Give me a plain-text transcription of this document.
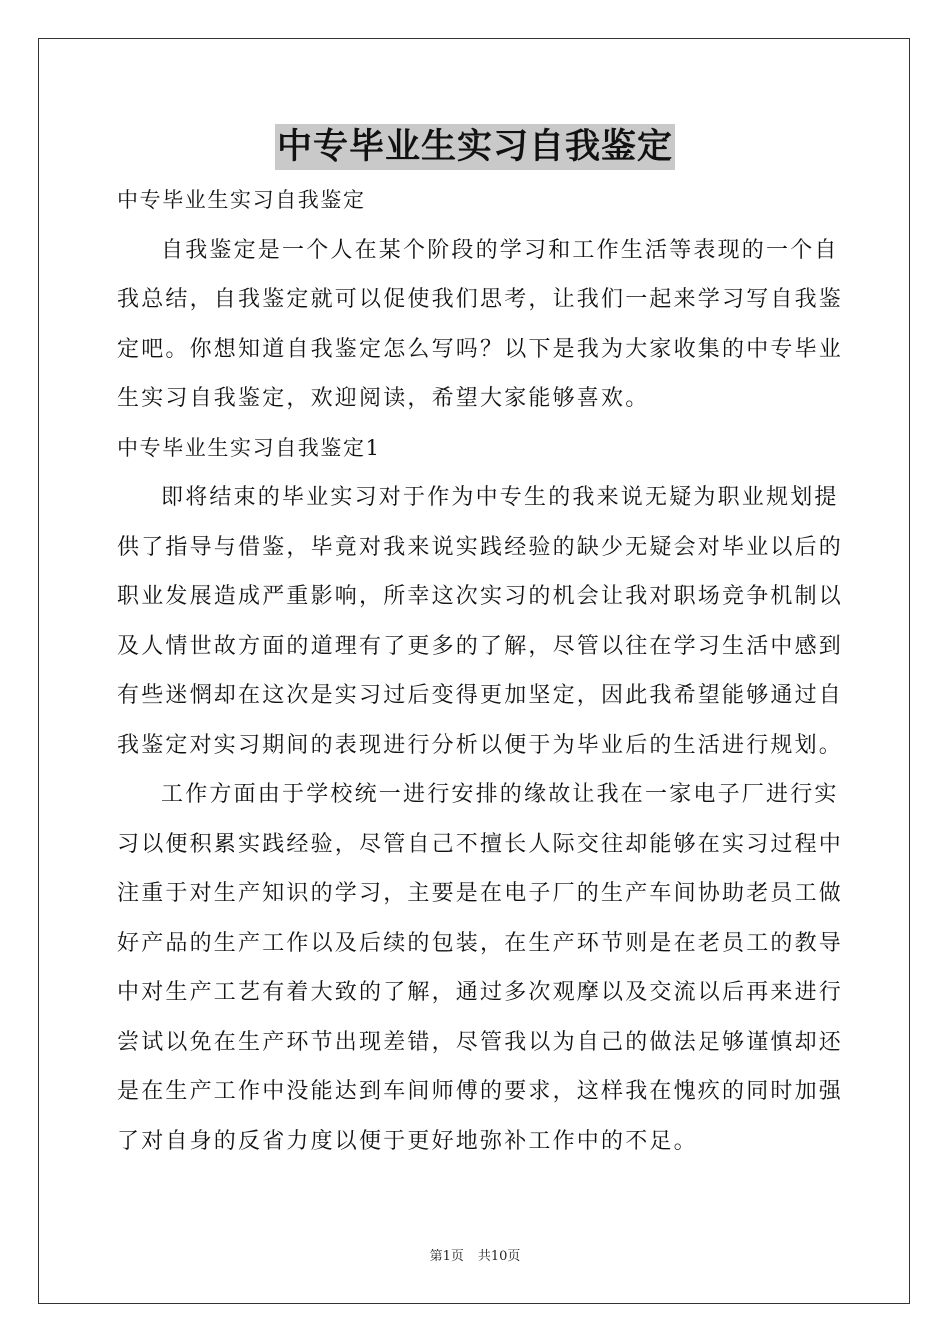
中专毕业生实习自我鉴定
中专毕业生实习自我鉴定
自我鉴定是一个人在某个阶段的学习和工作生活等表现的一个自
我总结，自我鉴定就可以促使我们思考，让我们一起来学习写自我鉴
定吧。你想知道自我鉴定怎么写吗？以下是我为大家收集的中专毕业
生实习自我鉴定，欢迎阅读，希望大家能够喜欢。
中专毕业生实习自我鉴定1
即将结束的毕业实习对于作为中专生的我来说无疑为职业规划提
供了指导与借鉴，毕竟对我来说实践经验的缺少无疑会对毕业以后的
职业发展造成严重影响，所幸这次实习的机会让我对职场竞争机制以
及人情世故方面的道理有了更多的了解，尽管以往在学习生活中感到
有些迷惘却在这次是实习过后变得更加坚定，因此我希望能够通过自
我鉴定对实习期间的表现进行分析以便于为毕业后的生活进行规划。
工作方面由于学校统一进行安排的缘故让我在一家电子厂进行实
习以便积累实践经验，尽管自己不擅长人际交往却能够在实习过程中
注重于对生产知识的学习，主要是在电子厂的生产车间协助老员工做
好产品的生产工作以及后续的包装，在生产环节则是在老员工的教导
中对生产工艺有着大致的了解，通过多次观摩以及交流以后再来进行
尝试以免在生产环节出现差错，尽管我以为自己的做法足够谨慎却还
是在生产工作中没能达到车间师傅的要求，这样我在愧疚的同时加强
了对自身的反省力度以便于更好地弥补工作中的不足。
第1页 共10页
